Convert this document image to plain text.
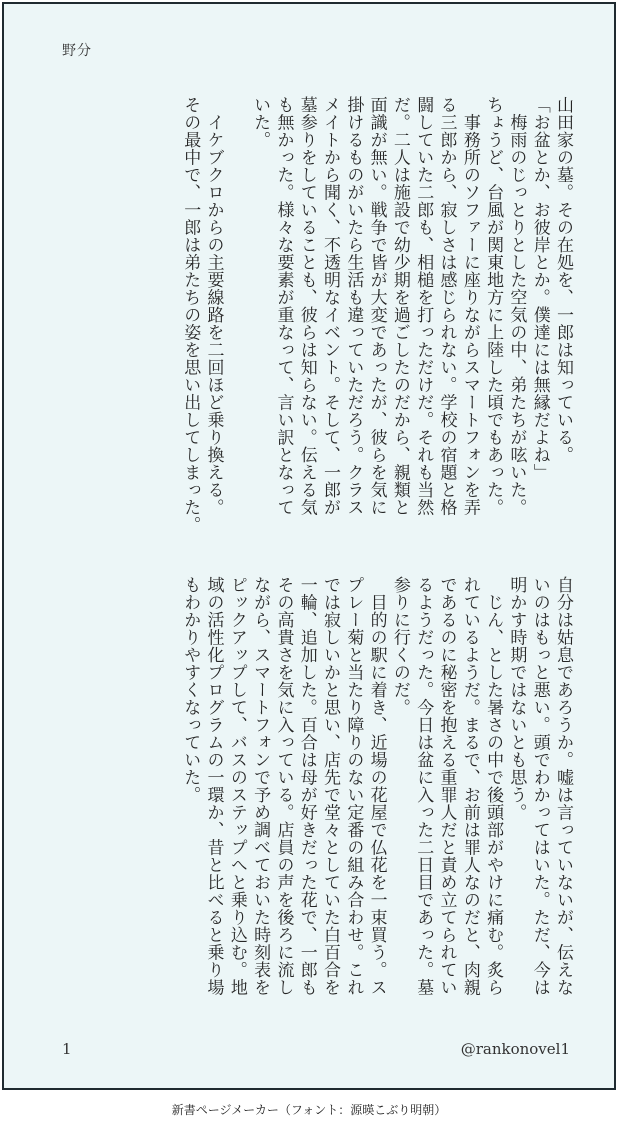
野分
山田家の墓。その在処を、一郎は知っている。
「お盆とか、お彼岸とか。僕達には無縁だよね」
　梅雨のじっとりとした空気の中、弟たちが呟いた。
ちょうど、台風が関東地方に上陸した頃でもあった。
　事務所のソファーに座りながらスマートフォンを弄
る三郎から、寂しさは感じられない。学校の宿題と格
闘していた二郎も、相槌を打っただけだ。それも当然
だ。二人は施設で幼少期を過ごしたのだから、親類と
面識が無い。戦争で皆が大変であったが、彼らを気に
掛けるものがいたら生活も違っていただろう。クラス
メイトから聞く、不透明なイベント。そして、一郎が
墓参りをしていることも、彼らは知らない。伝える気
も無かった。様々な要素が重なって、言い訳となって
いた。
　イケブクロからの主要線路を二回ほど乗り換える。
その最中で、一郎は弟たちの姿を思い出してしまった。
自分は姑息であろうか。嘘は言っていないが、伝えな
いのはもっと悪い。頭でわかってはいた。ただ、今は
明かす時期ではないとも思う。
　じん、とした暑さの中で後頭部がやけに痛む。炙ら
れているようだ。まるで、お前は罪人なのだと、肉親
であるのに秘密を抱える重罪人だと責め立てられてい
るようだった。今日は盆に入った二日目であった。墓
参りに行くのだ。
　目的の駅に着き、近場の花屋で仏花を一束買う。ス
プレー菊と当たり障りのない定番の組み合わせ。これ
では寂しいかと思い、店先で堂々としていた白百合を
一輪、追加した。百合は母が好きだった花で、一郎も
その高貴さを気に入っている。店員の声を後ろに流し
ながら、スマートフォンで予め調べておいた時刻表を
ピックアップして、バスのステップへと乗り込む。地
域の活性化プログラムの一環か、昔と比べると乗り場
もわかりやすくなっていた。
1	@rankonovel1
新書ページメーカー（フォント：源暎こぶり明朝）
